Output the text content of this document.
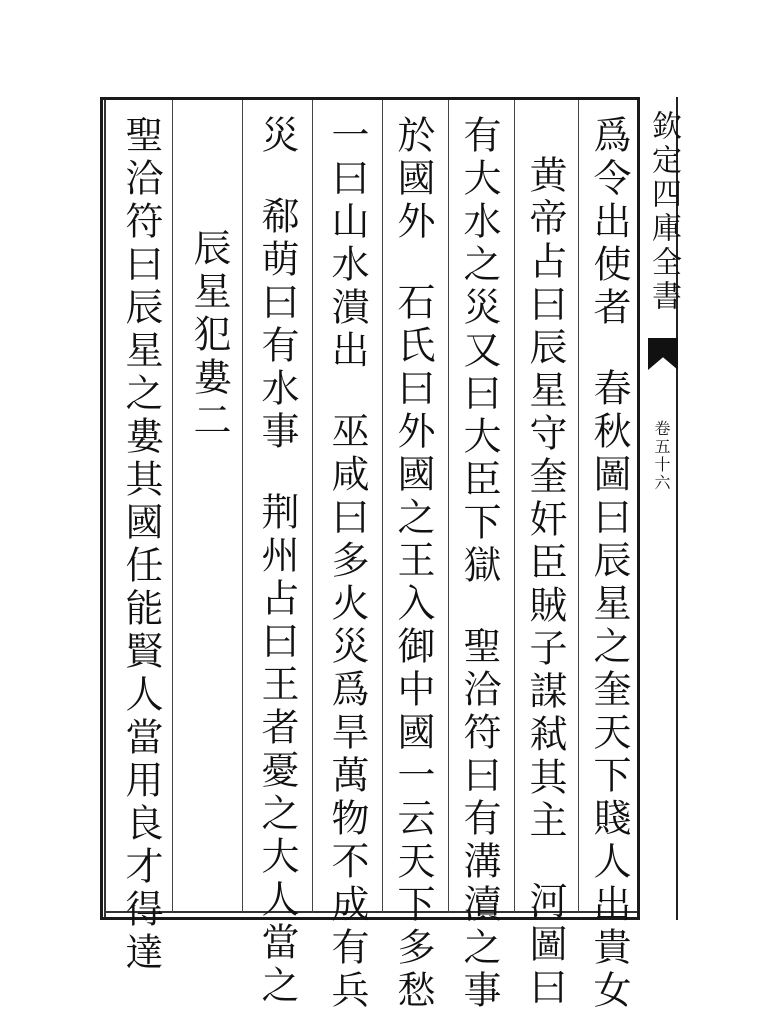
欽定四庫全書
卷五十六
爲令出使者春秋圖曰辰星之奎天下賤人出貴女
黄帝占曰辰星守奎奸臣賊子謀弒其主河圖曰
有大水之災又曰大臣下獄聖洽符曰有溝瀆之事
於國外石氏曰外國之王入御中國一云天下多愁
一曰山水潰出巫咸曰多火災爲旱萬物不成有兵
災郗萌曰有水事荆州占曰王者憂之大人當之
辰星犯婁二
聖洽符曰辰星之婁其國任能賢人當用良才得達
